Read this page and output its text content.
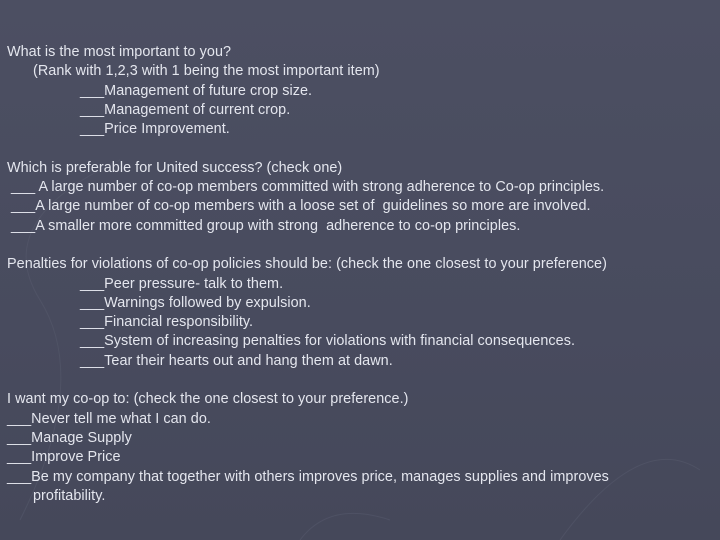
What is the most important to you?
(Rank with 1,2,3 with 1 being the most important item)
___Management of future crop size.
___Management of current crop.
___Price Improvement.
Which is preferable for United success? (check one)
___ A large number of co-op members committed with strong adherence to Co-op principles.
___A large number of co-op members with a loose set of  guidelines so more are involved.
___A smaller more committed group with strong  adherence to co-op principles.
Penalties for violations of co-op policies should be: (check the one closest to your preference)
___Peer pressure- talk to them.
___Warnings followed by expulsion.
___Financial responsibility.
___System of increasing penalties for violations with financial consequences.
___Tear their hearts out and hang them at dawn.
I want my co-op to: (check the one closest to your preference.)
___Never tell me what I can do.
___Manage Supply
___Improve Price
___Be my company that together with others improves price, manages supplies and improves
profitability.
